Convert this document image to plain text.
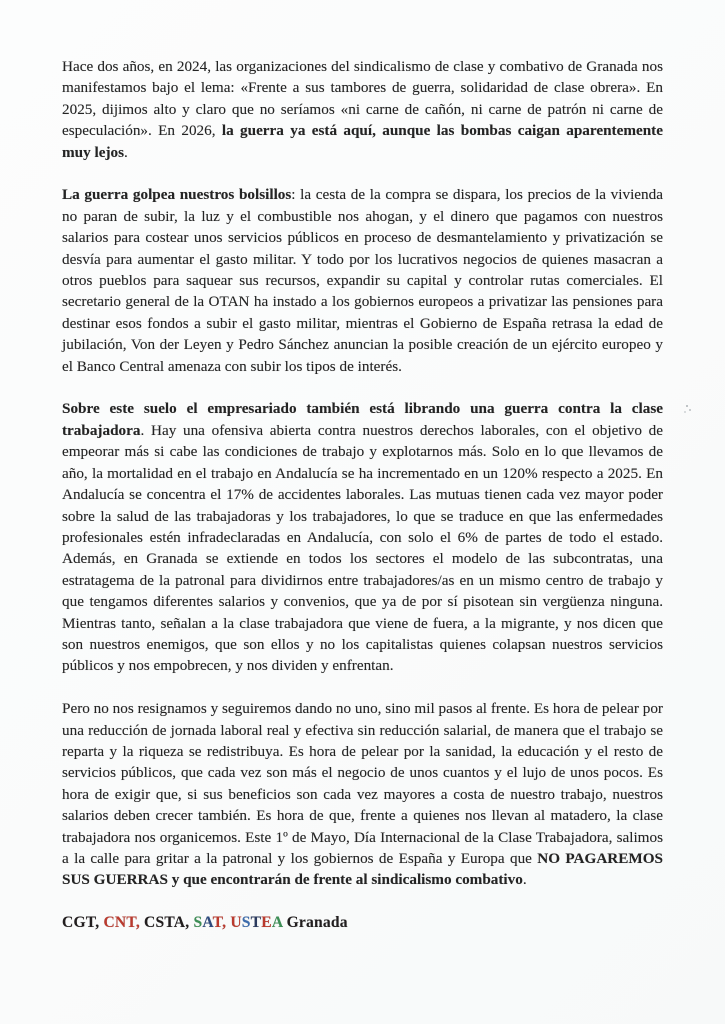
Hace dos años, en 2024, las organizaciones del sindicalismo de clase y combativo de Granada nos manifestamos bajo el lema: «Frente a sus tambores de guerra, solidaridad de clase obrera». En 2025, dijimos alto y claro que no seríamos «ni carne de cañón, ni carne de patrón ni carne de especulación». En 2026, la guerra ya está aquí, aunque las bombas caigan aparentemente muy lejos.

La guerra golpea nuestros bolsillos: la cesta de la compra se dispara, los precios de la vivienda no paran de subir, la luz y el combustible nos ahogan, y el dinero que pagamos con nuestros salarios para costear unos servicios públicos en proceso de desmantelamiento y privatización se desvía para aumentar el gasto militar. Y todo por los lucrativos negocios de quienes masacran a otros pueblos para saquear sus recursos, expandir su capital y controlar rutas comerciales. El secretario general de la OTAN ha instado a los gobiernos europeos a privatizar las pensiones para destinar esos fondos a subir el gasto militar, mientras el Gobierno de España retrasa la edad de jubilación, Von der Leyen y Pedro Sánchez anuncian la posible creación de un ejército europeo y el Banco Central amenaza con subir los tipos de interés.

Sobre este suelo el empresariado también está librando una guerra contra la clase trabajadora. Hay una ofensiva abierta contra nuestros derechos laborales, con el objetivo de empeorar más si cabe las condiciones de trabajo y explotarnos más. Solo en lo que llevamos de año, la mortalidad en el trabajo en Andalucía se ha incrementado en un 120% respecto a 2025. En Andalucía se concentra el 17% de accidentes laborales. Las mutuas tienen cada vez mayor poder sobre la salud de las trabajadoras y los trabajadores, lo que se traduce en que las enfermedades profesionales estén infradeclaradas en Andalucía, con solo el 6% de partes de todo el estado. Además, en Granada se extiende en todos los sectores el modelo de las subcontratas, una estratagema de la patronal para dividirnos entre trabajadores/as en un mismo centro de trabajo y que tengamos diferentes salarios y convenios, que ya de por sí pisotean sin vergüenza ninguna. Mientras tanto, señalan a la clase trabajadora que viene de fuera, a la migrante, y nos dicen que son nuestros enemigos, que son ellos y no los capitalistas quienes colapsan nuestros servicios públicos y nos empobrecen, y nos dividen y enfrentan.

Pero no nos resignamos y seguiremos dando no uno, sino mil pasos al frente. Es hora de pelear por una reducción de jornada laboral real y efectiva sin reducción salarial, de manera que el trabajo se reparta y la riqueza se redistribuya. Es hora de pelear por la sanidad, la educación y el resto de servicios públicos, que cada vez son más el negocio de unos cuantos y el lujo de unos pocos. Es hora de exigir que, si sus beneficios son cada vez mayores a costa de nuestro trabajo, nuestros salarios deben crecer también. Es hora de que, frente a quienes nos llevan al matadero, la clase trabajadora nos organicemos. Este 1º de Mayo, Día Internacional de la Clase Trabajadora, salimos a la calle para gritar a la patronal y los gobiernos de España y Europa que NO PAGAREMOS SUS GUERRAS y que encontrarán de frente al sindicalismo combativo.

CGT, CNT, CSTA, SAT, USTEA Granada
